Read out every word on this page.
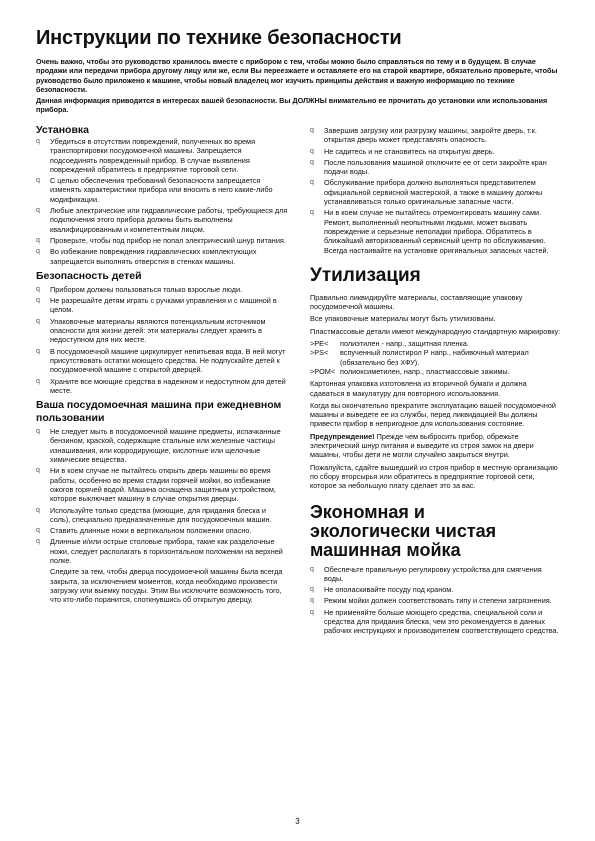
Инструкции по технике безопасности

Очень важно, чтобы это руководство хранилось вместе с прибором с тем, чтобы можно было справляться по тему и в будущем. В случае продажи или передачи прибора другому лицу или же, если Вы переезжаете и оставляете его на старой квартире, обязательно проверьте, чтобы руководство было приложено к машине, чтобы новый владелец мог изучить принципы действия и важную информацию по технике безопасности.

Данная информация приводится в интересах вашей безопасности. Вы ДОЛЖНЫ внимательно ее прочитать до установки или использования прибора.

Установка
q Убедиться в отсутствии повреждений, полученных во время транспортировки посудомоечной машины. Запрещается подсоединять поврежденный прибор. В случае выявления повреждений обратитесь в предприятие торговой сети.
q С целью обеспечения требований безопасности запрещается изменять характеристики прибора или вносить в него какие-либо модификации.
q Любые электрические или гидравлические работы, требующиеся для подключения этого прибора должны быть выполнены квалифицированным и компетентным лицом.
q Проверьте, чтобы под прибор не попал электрический шнур питания.
q Во избежание повреждения гидравлических комплектующих запрещается выполнять отверстия в стенках машины.
Безопасность детей
q Прибором должны пользоваться только взрослые люди.
q Не разрешайте детям играть с ручками управления и с машиной в целом.
q Упаковочные материалы являются потенциальным источником опасности для жизни детей: эти материалы следует хранить в недоступном для них месте.
q В посудомоечной машине циркулирует непитьевая вода. В ней могут присутствовать остатки моющего средства. Не подпускайте детей к посудомоечной машине с открытой дверцей.
q Храните все моющие средства в надежном и недоступном для детей месте.
Ваша посудомоечная машина при ежедневном пользовании
q Не следует мыть в посудомоечной машине предметы, испачканные бензином, краской, содержащие стальные или железные частицы изнашивания, или корродирующие, кислотные или щелочные химические вещества.
q Ни в коем случае не пытайтесь открыть дверь машины во время работы, особенно во время стадии горячей мойки, во избежание ожогов горячей водой. Машина оснащена защитным устройством, которое выключает машину в случае открытия дверцы.
q Используйте только средства (моющие, для придания блеска и соль), специально предназначенные для посудомоечных машин.
q Ставить длинные ножи в вертикальном положении опасно.
q Длинные и/или острые столовые прибора, такие как разделочные ножи, следует располагать в горизонтальном положении на верхней полке.

Следите за тем, чтобы дверца посудомоечной машины была всегда закрыта, за исключением моментов, когда необходимо произвести загрузку или выемку посуды. Этим Вы исключите возможность того, что кто-либо поранится, споткнувшись об открытую дверцу.

q Завершив загрузку или разгрузку машины, закройте дверь, т.к. открытая дверь может представлять опасность.
q Не садитесь и не становитесь на открытую дверь.
q После пользования машиной отключите ее от сети закройте кран подачи воды.
q Обслуживание прибора должно выполняться представителем официальной сервисной мастерской, а также в машину должны устанавливаться только оригинальные запасные части.
q Ни в коем случае не пытайтесь отремонтировать машину сами. Ремонт, выполненный неопытными людьми, может вызвать повреждение и серьезные неполадки прибора. Обратитесь в ближайший авторизованный сервисный центр по обслуживанию. Всегда настаивайте на установке оригинальных запасных частей.
Утилизация

Правильно ликвидируйте материалы, составляющие упаковку посудомоечной машины.

Все упаковочные материалы могут быть утилизованы.

Пластмассовые детали имеют международную стандартную маркировку:

>PE<	полиэтилен - напр., защитная пленка.
>PS<	вспученный полистирол Р напр., набивочный материал (обязательно без ХФУ).
>POM< полиоксиметилен, напр., пластмассовые зажимы.

Картонная упаковка изготовлена из вторичной бумаги и должна сдаваться в макулатуру для повторного использования.

Когда вы окончательно прекратите эксплуатацию вашей посудомоечной машины и выведете ее из службы, перед ликвидацией Вы должны привести прибор в непригодное для использования состояние.

Предупреждение! Прежде чем выбросить прибор, обрежьте электрический шнур питания и выведите из строя замок на двери машины, чтобы дети не могли случайно закрыться внутри.

Пожалуйста, сдайте вышедший из строя прибор в местную организацию по сбору вторсырья или обратитесь в предприятие торговой сети, которое за небольшую плату сделает это за вас.

Экономная и экологически чистая машинная мойка
q Обеспечьте правильную регулировку устройства для смягчения воды.
q Не ополаскивайте посуду под краном.
q Режим мойки должен соответствовать типу и степени загрязнения.
q Не применяйте больше моющего средства, специальной соли и средства для придания блеска, чем это рекомендуется в данных рабочих инструкциях и производителем соответствующего средства.
3
